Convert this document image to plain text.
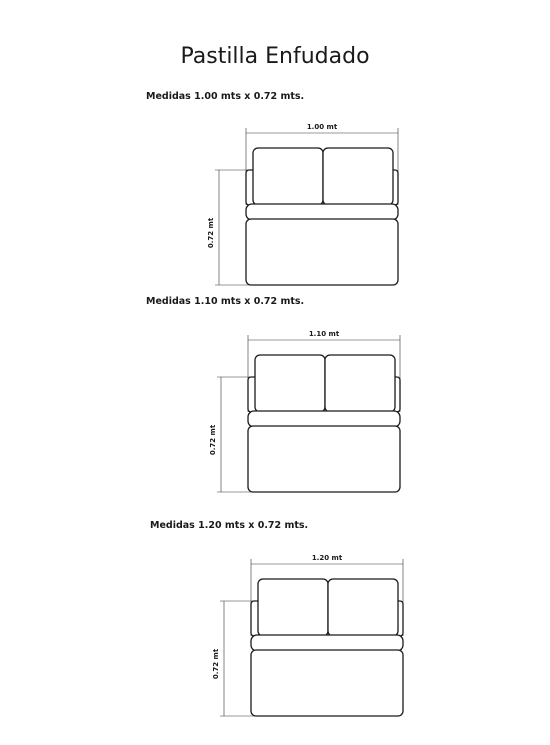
Pastilla Enfudado
Medidas 1.00 mts x 0.72 mts.
1.00 mt
0.72 mt
Medidas 1.10 mts x 0.72 mts.
1.10 mt
0.72 mt
Medidas 1.20 mts x 0.72 mts.
1.20 mt
0.72 mt
